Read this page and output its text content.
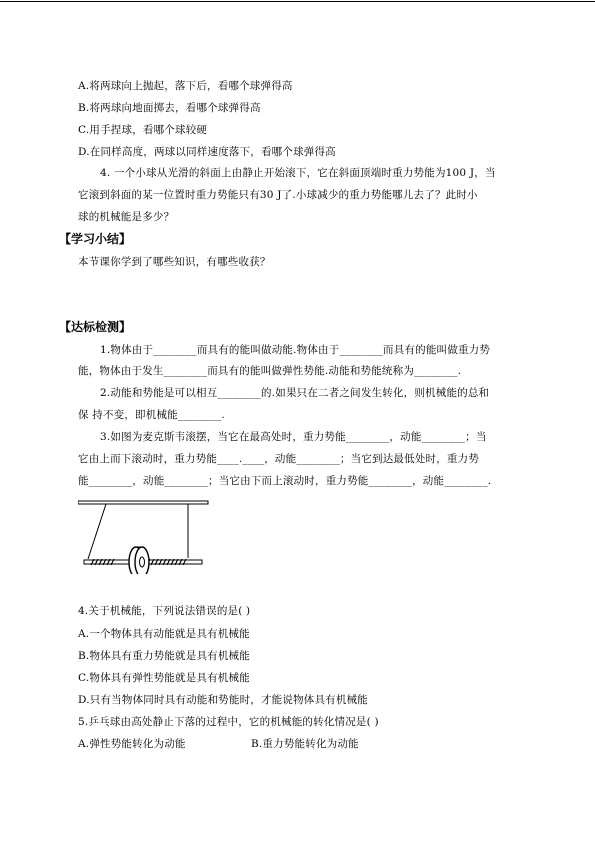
A.将两球向上抛起，落下后，看哪个球弹得高
B.将两球向地面掷去，看哪个球弹得高
C.用手捏球，看哪个球较硬
D.在同样高度，两球以同样速度落下，看哪个球弹得高
4. 一个小球从光滑的斜面上由静止开始滚下，它在斜面顶端时重力势能为100 J，当
它滚到斜面的某一位置时重力势能只有30 J了.小球减少的重力势能哪儿去了？此时小
球的机械能是多少？
【学习小结】
本节课你学到了哪些知识，有哪些收获？
【达标检测】
1.物体由于________而具有的能叫做动能.物体由于________而具有的能叫做重力势
能，物体由于发生________而具有的能叫做弹性势能.动能和势能统称为________.
2.动能和势能是可以相互________的.如果只在二者之间发生转化，则机械能的总和
保 持不变，即机械能________.
3.如图为麦克斯韦滚摆，当它在最高处时，重力势能________，动能________；当
它由上而下滚动时，重力势能____.____，动能________；当它到达最低处时，重力势
能________，动能________；当它由下而上滚动时，重力势能________，动能________.
4.关于机械能，下列说法错误的是( )
A.一个物体具有动能就是具有机械能
B.物体具有重力势能就是具有机械能
C.物体具有弹性势能就是具有机械能
D.只有当物体同时具有动能和势能时，才能说物体具有机械能
5.乒乓球由高处静止下落的过程中，它的机械能的转化情况是( )
A.弹性势能转化为动能	B.重力势能转化为动能
